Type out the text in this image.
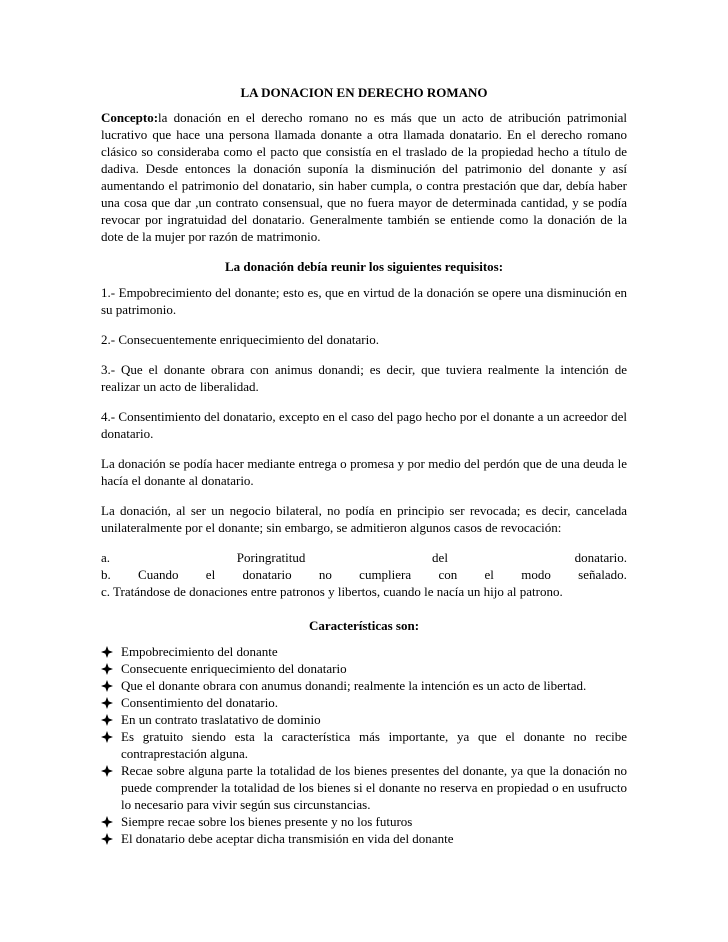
LA DONACION EN DERECHO ROMANO

Concepto:la donación en el derecho romano no es más que un acto de atribución patrimonial lucrativo que hace una persona llamada donante a otra llamada donatario. En el derecho romano clásico so consideraba como el pacto que consistía en el traslado de la propiedad hecho a título de dadiva. Desde entonces la donación suponía la disminución del patrimonio del donante y así aumentando el patrimonio del donatario, sin haber cumpla, o contra prestación que dar, debía haber una cosa que dar ,un contrato consensual, que no fuera mayor de determinada cantidad, y se podía revocar por ingratuidad del donatario. Generalmente también se entiende como la donación de la dote de la mujer por razón de matrimonio.

La donación debía reunir los siguientes requisitos:

1.- Empobrecimiento del donante; esto es, que en virtud de la donación se opere una disminución en su patrimonio.

2.- Consecuentemente enriquecimiento del donatario.

3.- Que el donante obrara con animus donandi; es decir, que tuviera realmente la intención de realizar un acto de liberalidad.

4.- Consentimiento del donatario, excepto en el caso del pago hecho por el donante a un acreedor del donatario.

La donación se podía hacer mediante entrega o promesa y por medio del perdón que de una deuda le hacía el donante al donatario.

La donación, al ser un negocio bilateral, no podía en principio ser revocada; es decir, cancelada unilateralmente por el donante; sin embargo, se admitieron algunos casos de revocación:

a.	Poringratitud	del	donatario.
b. Cuando el donatario no cumpliera con el modo señalado.
c. Tratándose de donaciones entre patronos y libertos, cuando le nacía un hijo al patrono.
Características son:
Empobrecimiento del donante
Consecuente enriquecimiento del donatario
Que el donante obrara con anumus donandi; realmente la intención es un acto de libertad.
Consentimiento del donatario.
En un contrato traslatativo de dominio
Es gratuito siendo esta la característica más importante, ya que el donante no recibe contraprestación alguna.
Recae sobre alguna parte la totalidad de los bienes presentes del donante, ya que la donación no puede comprender la totalidad de los bienes si el donante no reserva en propiedad o en usufructo lo necesario para vivir según sus circunstancias.
Siempre recae sobre los bienes presente y no los futuros
El donatario debe aceptar dicha transmisión en vida del donante
